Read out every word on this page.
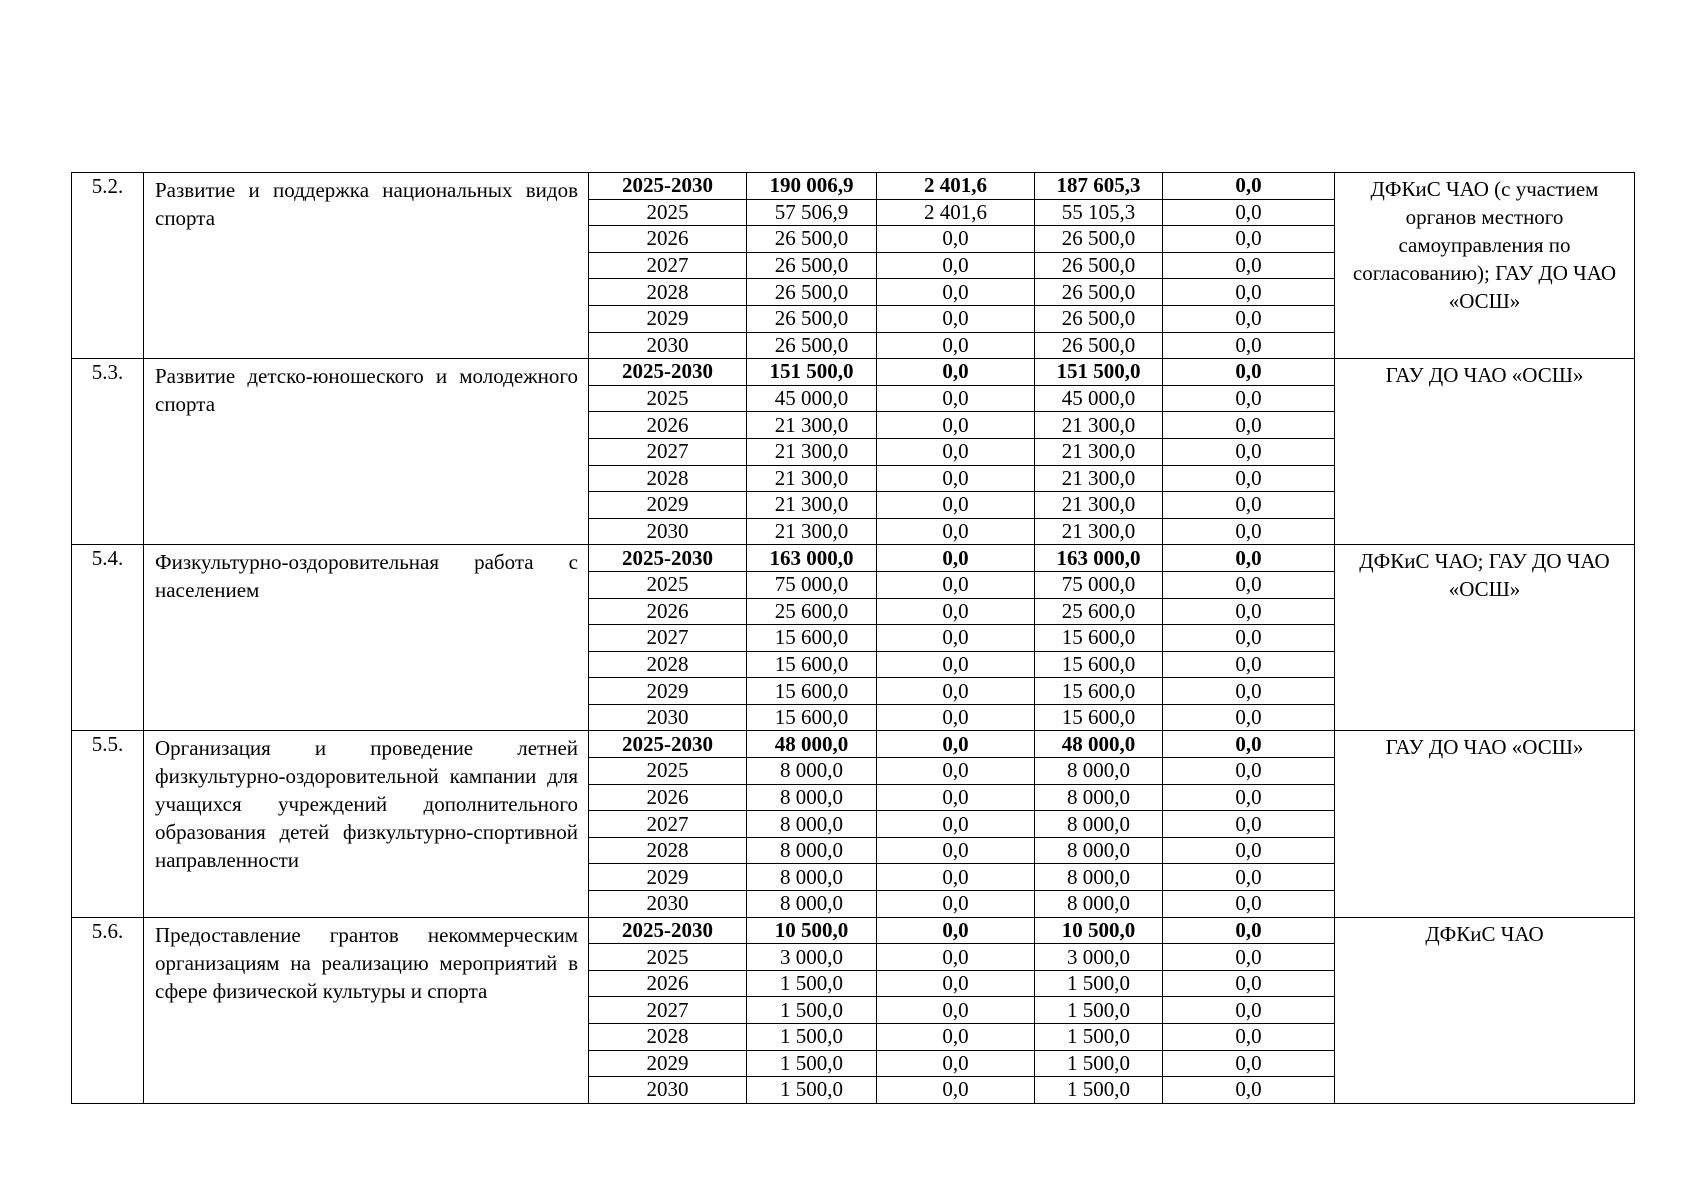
5.2.	Развитие и поддержка национальных видов спорта	2025-2030	190 006,9	2 401,6	187 605,3	0,0	ДФКиС ЧАО (с участием органов местного самоуправления по согласованию); ГАУ ДО ЧАО «ОСШ»
		2025	57 506,9	2 401,6	55 105,3	0,0	
		2026	26 500,0	0,0	26 500,0	0,0	
		2027	26 500,0	0,0	26 500,0	0,0	
		2028	26 500,0	0,0	26 500,0	0,0	
		2029	26 500,0	0,0	26 500,0	0,0	
		2030	26 500,0	0,0	26 500,0	0,0	
5.3.	Развитие детско-юношеского и молодежного спорта	2025-2030	151 500,0	0,0	151 500,0	0,0	ГАУ ДО ЧАО «ОСШ»
		2025	45 000,0	0,0	45 000,0	0,0	
		2026	21 300,0	0,0	21 300,0	0,0	
		2027	21 300,0	0,0	21 300,0	0,0	
		2028	21 300,0	0,0	21 300,0	0,0	
		2029	21 300,0	0,0	21 300,0	0,0	
		2030	21 300,0	0,0	21 300,0	0,0	
5.4.	Физкультурно-оздоровительная работа с населением	2025-2030	163 000,0	0,0	163 000,0	0,0	ДФКиС ЧАО; ГАУ ДО ЧАО «ОСШ»
		2025	75 000,0	0,0	75 000,0	0,0	
		2026	25 600,0	0,0	25 600,0	0,0	
		2027	15 600,0	0,0	15 600,0	0,0	
		2028	15 600,0	0,0	15 600,0	0,0	
		2029	15 600,0	0,0	15 600,0	0,0	
		2030	15 600,0	0,0	15 600,0	0,0	
5.5.	Организация и проведение летней физкультурно-оздоровительной кампании для учащихся учреждений дополнительного образования детей физкультурно-спортивной направленности	2025-2030	48 000,0	0,0	48 000,0	0,0	ГАУ ДО ЧАО «ОСШ»
		2025	8 000,0	0,0	8 000,0	0,0	
		2026	8 000,0	0,0	8 000,0	0,0	
		2027	8 000,0	0,0	8 000,0	0,0	
		2028	8 000,0	0,0	8 000,0	0,0	
		2029	8 000,0	0,0	8 000,0	0,0	
		2030	8 000,0	0,0	8 000,0	0,0	
5.6.	Предоставление грантов некоммерческим организациям на реализацию мероприятий в сфере физической культуры и спорта	2025-2030	10 500,0	0,0	10 500,0	0,0	ДФКиС ЧАО
		2025	3 000,0	0,0	3 000,0	0,0	
		2026	1 500,0	0,0	1 500,0	0,0	
		2027	1 500,0	0,0	1 500,0	0,0	
		2028	1 500,0	0,0	1 500,0	0,0	
		2029	1 500,0	0,0	1 500,0	0,0	
		2030	1 500,0	0,0	1 500,0	0,0	
